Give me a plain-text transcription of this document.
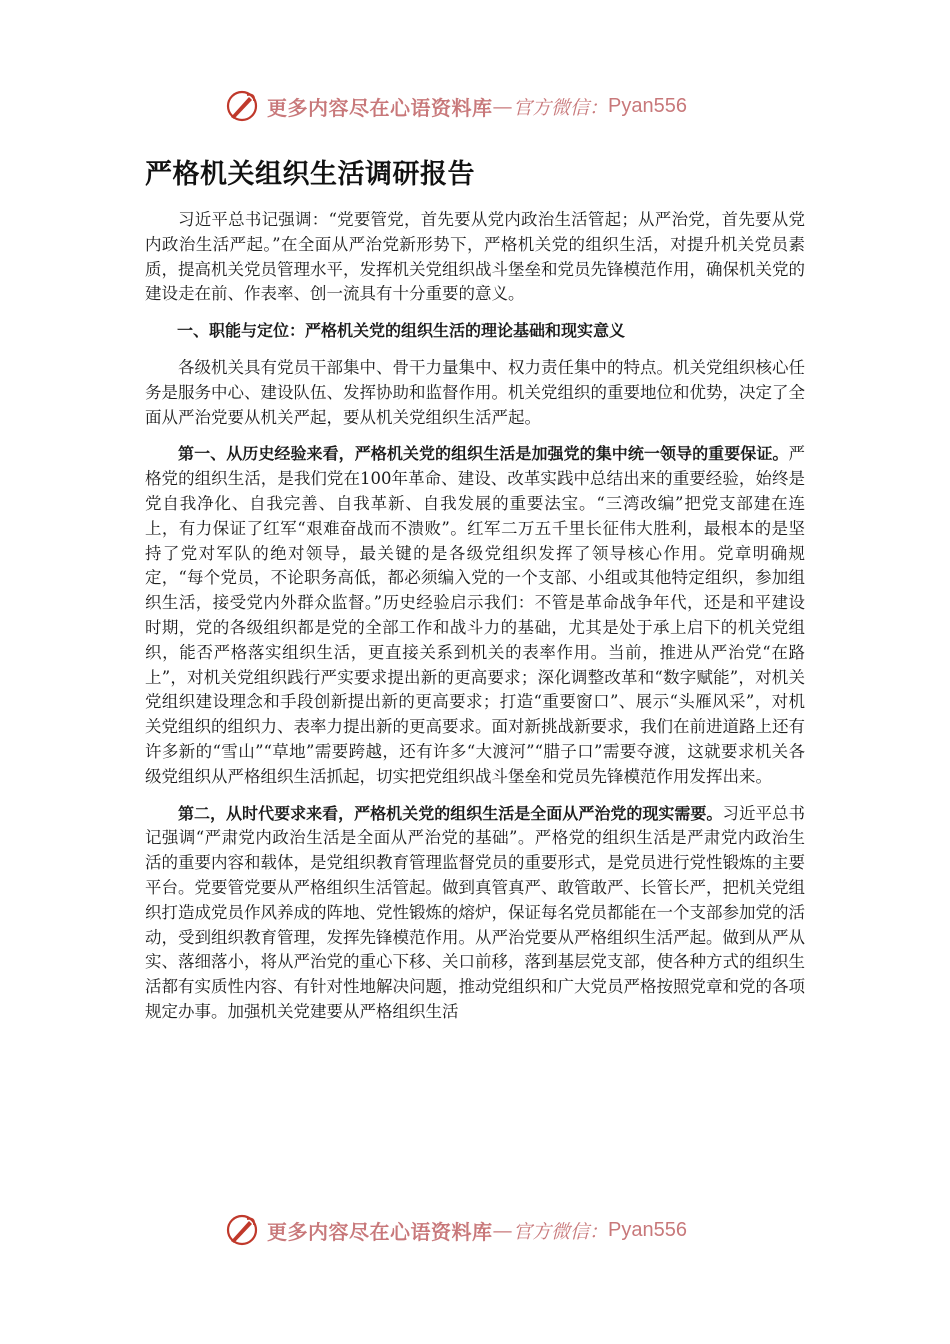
更多内容尽在心语资料库 — 官方微信： Pyan556
严格机关组织生活调研报告

习近平总书记强调：“党要管党，首先要从党内政治生活管起；从严治党，首先要从党内政治生活严起。”在全面从严治党新形势下，严格机关党的组织生活，对提升机关党员素质，提高机关党员管理水平，发挥机关党组织战斗堡垒和党员先锋模范作用，确保机关党的建设走在前、作表率、创一流具有十分重要的意义。

一、职能与定位：严格机关党的组织生活的理论基础和现实意义

各级机关具有党员干部集中、骨干力量集中、权力责任集中的特点。机关党组织核心任务是服务中心、建设队伍、发挥协助和监督作用。机关党组织的重要地位和优势，决定了全面从严治党要从机关严起，要从机关党组织生活严起。

第一、从历史经验来看，严格机关党的组织生活是加强党的集中统一领导的重要保证。严格党的组织生活，是我们党在100年革命、建设、改革实践中总结出来的重要经验，始终是党自我净化、自我完善、自我革新、自我发展的重要法宝。“三湾改编”把党支部建在连上，有力保证了红军“艰难奋战而不溃败”。红军二万五千里长征伟大胜利，最根本的是坚持了党对军队的绝对领导，最关键的是各级党组织发挥了领导核心作用。党章明确规定，“每个党员，不论职务高低，都必须编入党的一个支部、小组或其他特定组织，参加组织生活，接受党内外群众监督。”历史经验启示我们：不管是革命战争年代，还是和平建设时期，党的各级组织都是党的全部工作和战斗力的基础，尤其是处于承上启下的机关党组织，能否严格落实组织生活，更直接关系到机关的表率作用。当前，推进从严治党“在路上”，对机关党组织践行严实要求提出新的更高要求；深化调整改革和“数字赋能”，对机关党组织建设理念和手段创新提出新的更高要求；打造“重要窗口”、展示“头雁风采”，对机关党组织的组织力、表率力提出新的更高要求。面对新挑战新要求，我们在前进道路上还有许多新的“雪山”“草地”需要跨越，还有许多“大渡河”“腊子口”需要夺渡，这就要求机关各级党组织从严格组织生活抓起，切实把党组织战斗堡垒和党员先锋模范作用发挥出来。

第二，从时代要求来看，严格机关党的组织生活是全面从严治党的现实需要。习近平总书记强调“严肃党内政治生活是全面从严治党的基础”。严格党的组织生活是严肃党内政治生活的重要内容和载体，是党组织教育管理监督党员的重要形式，是党员进行党性锻炼的主要平台。党要管党要从严格组织生活管起。做到真管真严、敢管敢严、长管长严，把机关党组织打造成党员作风养成的阵地、党性锻炼的熔炉，保证每名党员都能在一个支部参加党的活动，受到组织教育管理，发挥先锋模范作用。从严治党要从严格组织生活严起。做到从严从实、落细落小，将从严治党的重心下移、关口前移，落到基层党支部，使各种方式的组织生活都有实质性内容、有针对性地解决问题，推动党组织和广大党员严格按照党章和党的各项规定办事。加强机关党建要从严格组织生活

更多内容尽在心语资料库 — 官方微信： Pyan556
